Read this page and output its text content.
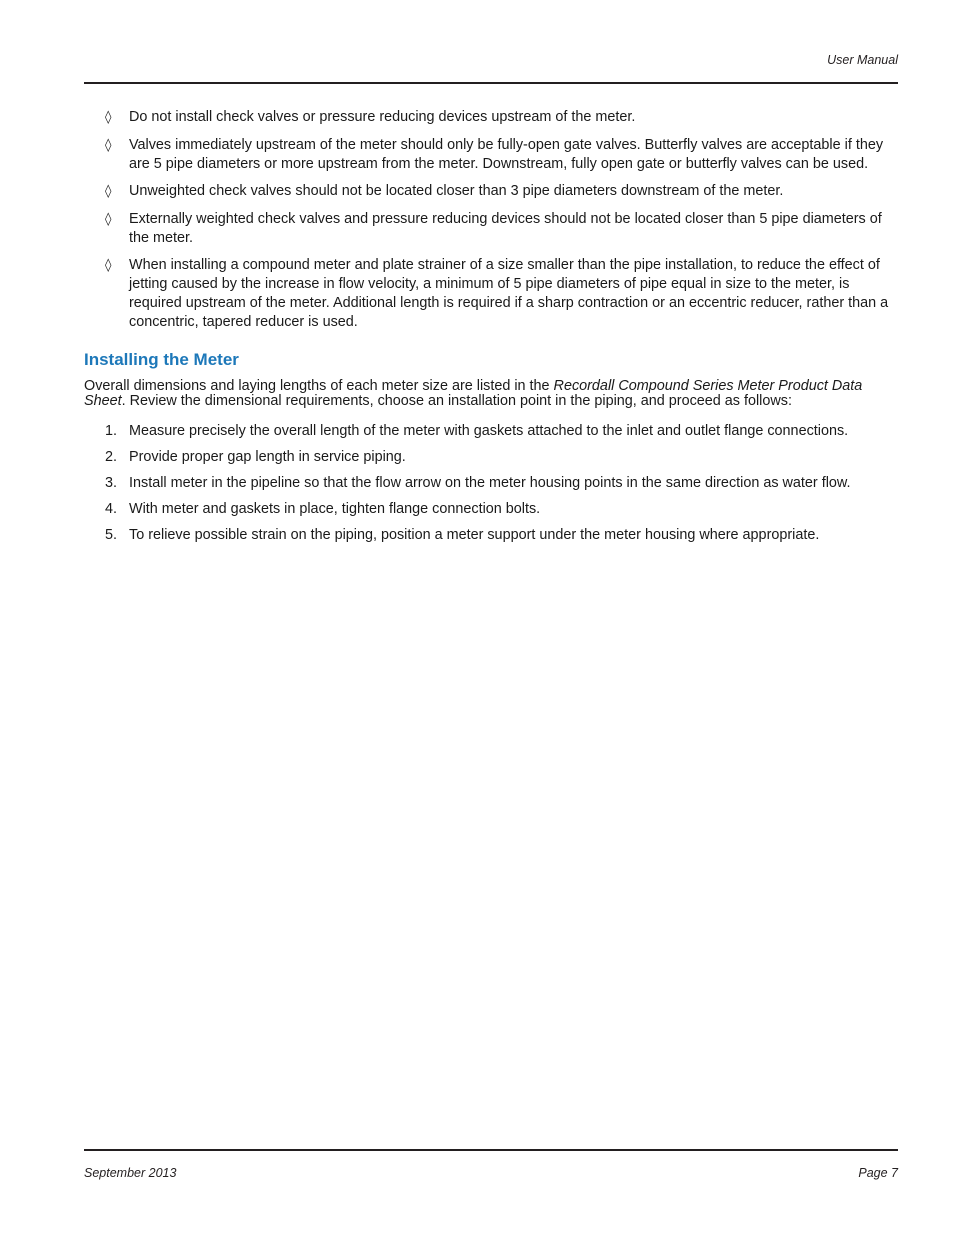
User Manual
◊ Do not install check valves or pressure reducing devices upstream of the meter.
◊ Valves immediately upstream of the meter should only be fully-open gate valves. Butterfly valves are acceptable if they are 5 pipe diameters or more upstream from the meter. Downstream, fully open gate or butterfly valves can be used.
◊ Unweighted check valves should not be located closer than 3 pipe diameters downstream of the meter.
◊ Externally weighted check valves and pressure reducing devices should not be located closer than 5 pipe diameters of the meter.
◊ When installing a compound meter and plate strainer of a size smaller than the pipe installation, to reduce the effect of jetting caused by the increase in flow velocity, a minimum of 5 pipe diameters of pipe equal in size to the meter, is required upstream of the meter. Additional length is required if a sharp contraction or an eccentric reducer, rather than a concentric, tapered reducer is used.
Installing the Meter

Overall dimensions and laying lengths of each meter size are listed in the Recordall Compound Series Meter Product Data Sheet. Review the dimensional requirements, choose an installation point in the piping, and proceed as follows:

1. Measure precisely the overall length of the meter with gaskets attached to the inlet and outlet flange connections.
2. Provide proper gap length in service piping.
3. Install meter in the pipeline so that the flow arrow on the meter housing points in the same direction as water flow.
4. With meter and gaskets in place, tighten flange connection bolts.
5. To relieve possible strain on the piping, position a meter support under the meter housing where appropriate.
September 2013	Page 7
